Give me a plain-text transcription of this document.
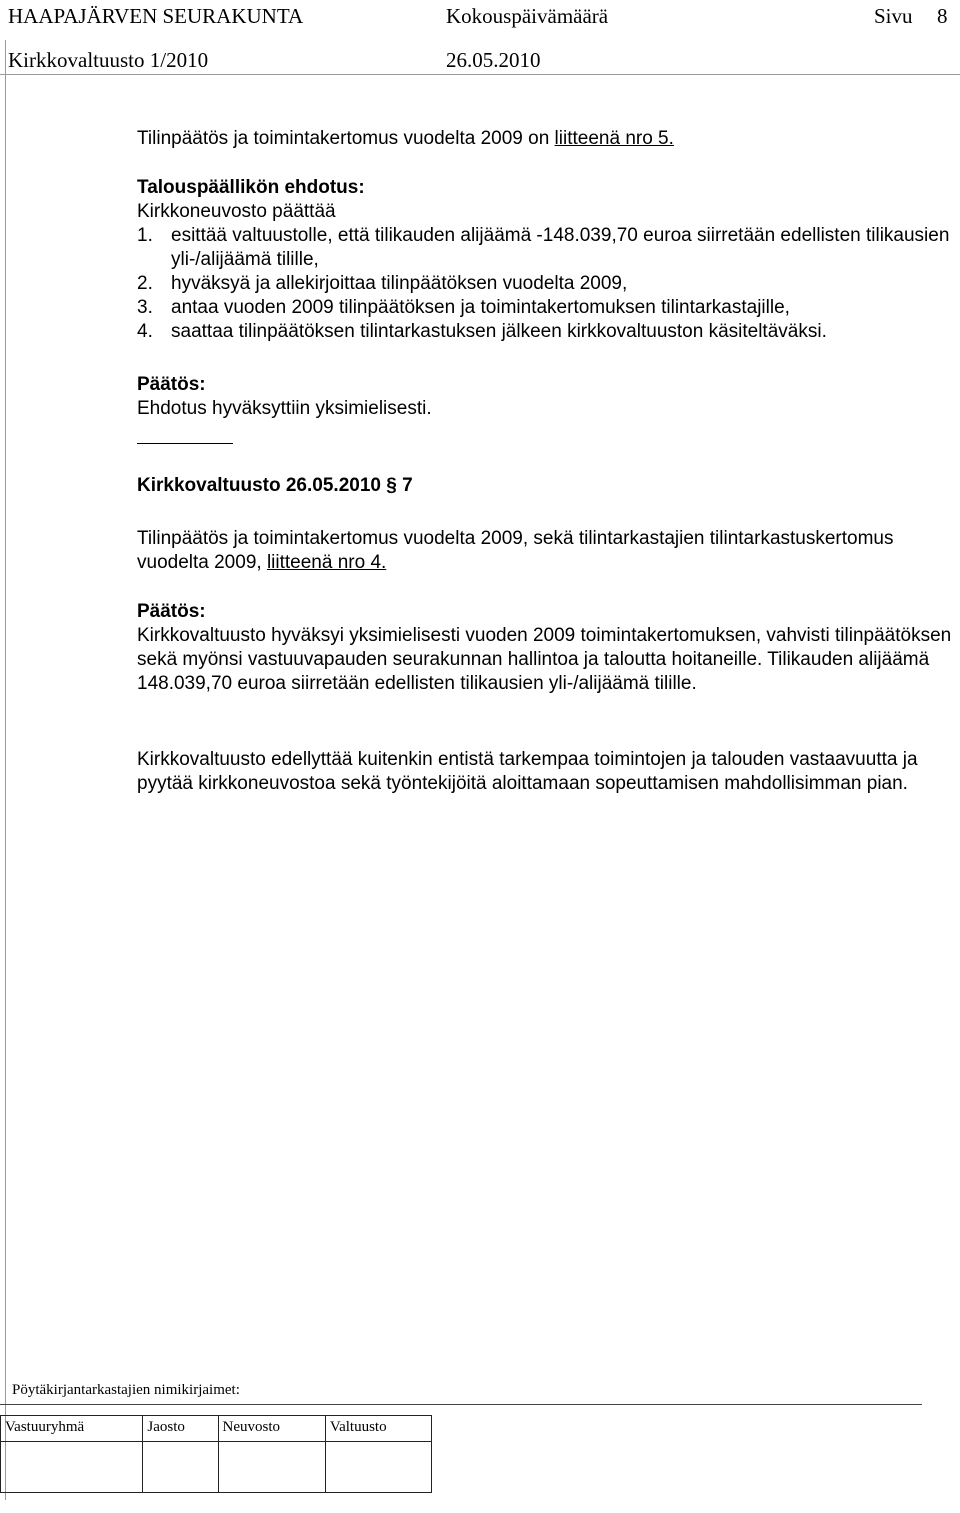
HAAPAJÄRVEN SEURAKUNTA	Kokouspäivämäärä	Sivu 8
Kirkkovaltuusto 1/2010	26.05.2010

Tilinpäätös ja toimintakertomus vuodelta 2009 on liitteenä nro 5.

Talouspäällikön ehdotus:

Kirkkoneuvosto päättää

1. esittää valtuustolle, että tilikauden alijäämä -148.039,70 euroa siirretään edellisten tilikausien yli-/alijäämä tilille,
2. hyväksyä ja allekirjoittaa tilinpäätöksen vuodelta 2009,
3. antaa vuoden 2009 tilinpäätöksen ja toimintakertomuksen tilintarkastajille,
4. saattaa tilinpäätöksen tilintarkastuksen jälkeen kirkkovaltuuston käsiteltäväksi.

Päätös:

Ehdotus hyväksyttiin yksimielisesti.

Kirkkovaltuusto 26.05.2010 § 7

Tilinpäätös ja toimintakertomus vuodelta 2009, sekä tilintarkastajien tilintarkastuskertomus vuodelta 2009, liitteenä nro 4.

Päätös:

Kirkkovaltuusto hyväksyi yksimielisesti vuoden 2009 toimintakertomuksen, vahvisti tilinpäätöksen sekä myönsi vastuuvapauden seurakunnan hallintoa ja taloutta hoitaneille. Tilikauden alijäämä 148.039,70 euroa siirretään edellisten tilikausien yli-/alijäämä tilille.

Kirkkovaltuusto edellyttää kuitenkin entistä tarkempaa toimintojen ja talouden vastaavuutta ja pyytää kirkkoneuvostoa sekä työntekijöitä aloittamaan sopeuttamisen mahdollisimman pian.

Pöytäkirjantarkastajien nimikirjaimet:
Vastuuryhmä	Jaosto	Neuvosto	Valtuusto
